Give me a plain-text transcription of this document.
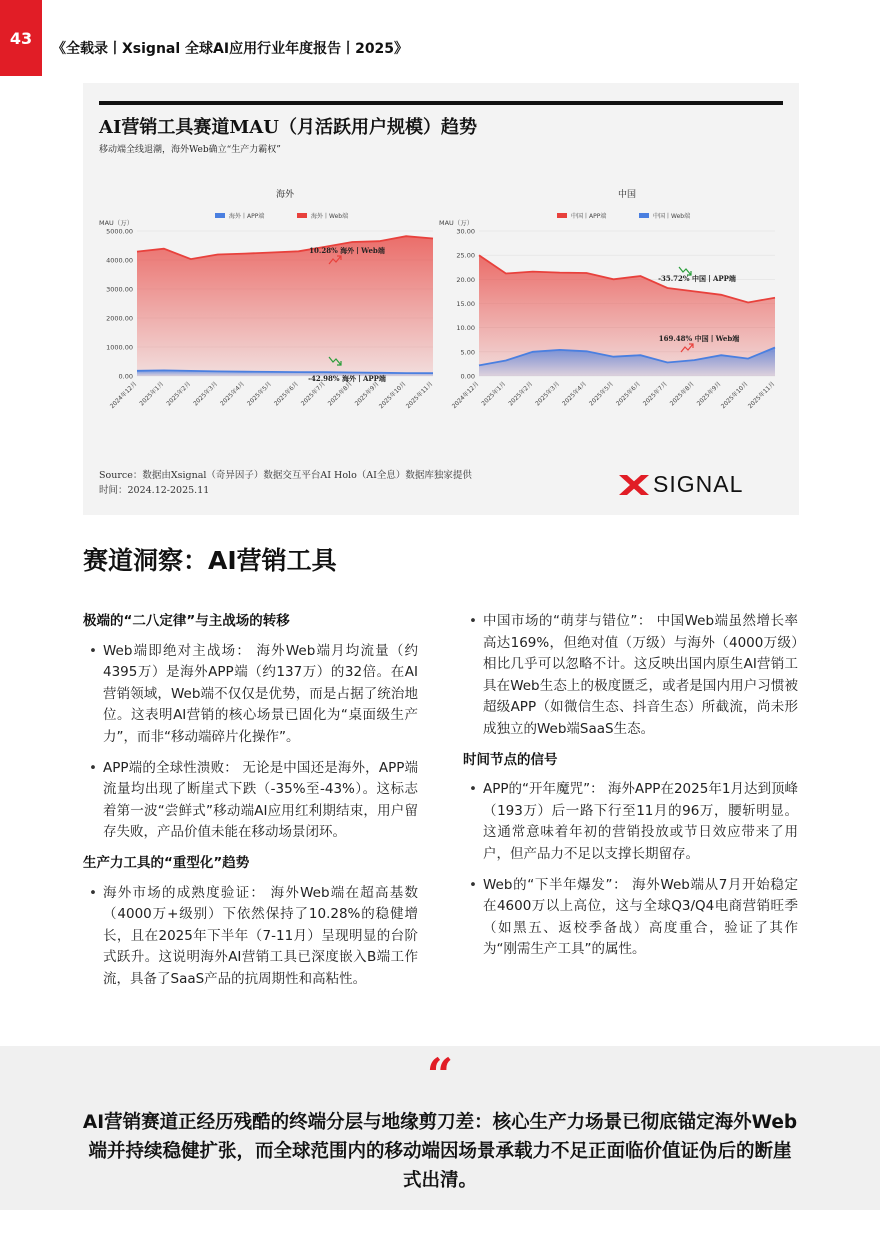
43
《全载录丨Xsignal 全球AI应用行业年度报告丨2025》
AI营销工具赛道MAU（月活跃用户规模）趋势
移动端全线退潮，海外Web确立“生产力霸权”
海外
海外丨APP端	海外丨Web端
MAU（万）
0.00
1000.00
2000.00
3000.00
4000.00
5000.00
2024年12月 2025年1月 2025年2月 2025年3月 2025年4月 2025年5月 2025年6月 2025年7月 2025年8月 2025年9月
2025年10月
2025年11月
10.28% 海外丨Web端
-42.98% 海外丨APP端
中国
中国丨APP端	中国丨Web端
MAU（万）
0.00
5.00
10.00
15.00
20.00
25.00
30.00
2024年12月 2025年1月 2025年2月 2025年3月 2025年4月 2025年5月 2025年6月 2025年7月 2025年8月 2025年9月
2025年10月
2025年11月
-35.72% 中国丨APP端
169.48% 中国丨Web端
Source：数据由Xsignal（奇异因子）数据交互平台AI Holo（AI全息）数据库独家提供
时间：2024.12-2025.11	SIGNAL
赛道洞察：AI营销工具
极端的“二八定律”与主战场的转移
• Web端即绝对主战场： 海外Web端月均流量（约4395万）是海外APP端（约137万）的32倍。在AI营销领域，Web端不仅仅是优势，而是占据了统治地位。这表明AI营销的核心场景已固化为“桌面级生产力”，而非“移动端碎片化操作”。
• APP端的全球性溃败： 无论是中国还是海外，APP端流量均出现了断崖式下跌（-35%至-43%）。这标志着第一波“尝鲜式”移动端AI应用红利期结束，用户留存失败，产品价值未能在移动场景闭环。
生产力工具的“重型化”趋势
• 海外市场的成熟度验证： 海外Web端在超高基数（4000万+级别）下依然保持了10.28%的稳健增长，且在2025年下半年（7-11月）呈现明显的台阶式跃升。这说明海外AI营销工具已深度嵌入B端工作流，具备了SaaS产品的抗周期性和高粘性。
• 中国市场的“萌芽与错位”： 中国Web端虽然增长率高达169%，但绝对值（万级）与海外（4000万级）相比几乎可以忽略不计。这反映出国内原生AI营销工具在Web生态上的极度匮乏，或者是国内用户习惯被超级APP（如微信生态、抖音生态）所截流，尚未形成独立的Web端SaaS生态。
时间节点的信号
• APP的“开年魔咒”： 海外APP在2025年1月达到顶峰（193万）后一路下行至11月的96万，腰斩明显。这通常意味着年初的营销投放或节日效应带来了用户，但产品力不足以支撑长期留存。
• Web的“下半年爆发”： 海外Web端从7月开始稳定在4600万以上高位，这与全球Q3/Q4电商营销旺季（如黑五、返校季备战）高度重合，验证了其作为“刚需生产工具”的属性。
“
AI营销赛道正经历残酷的终端分层与地缘剪刀差：核心生产力场景已彻底锚定海外Web端并持续稳健扩张，而全球范围内的移动端因场景承载力不足正面临价值证伪后的断崖式出清。
